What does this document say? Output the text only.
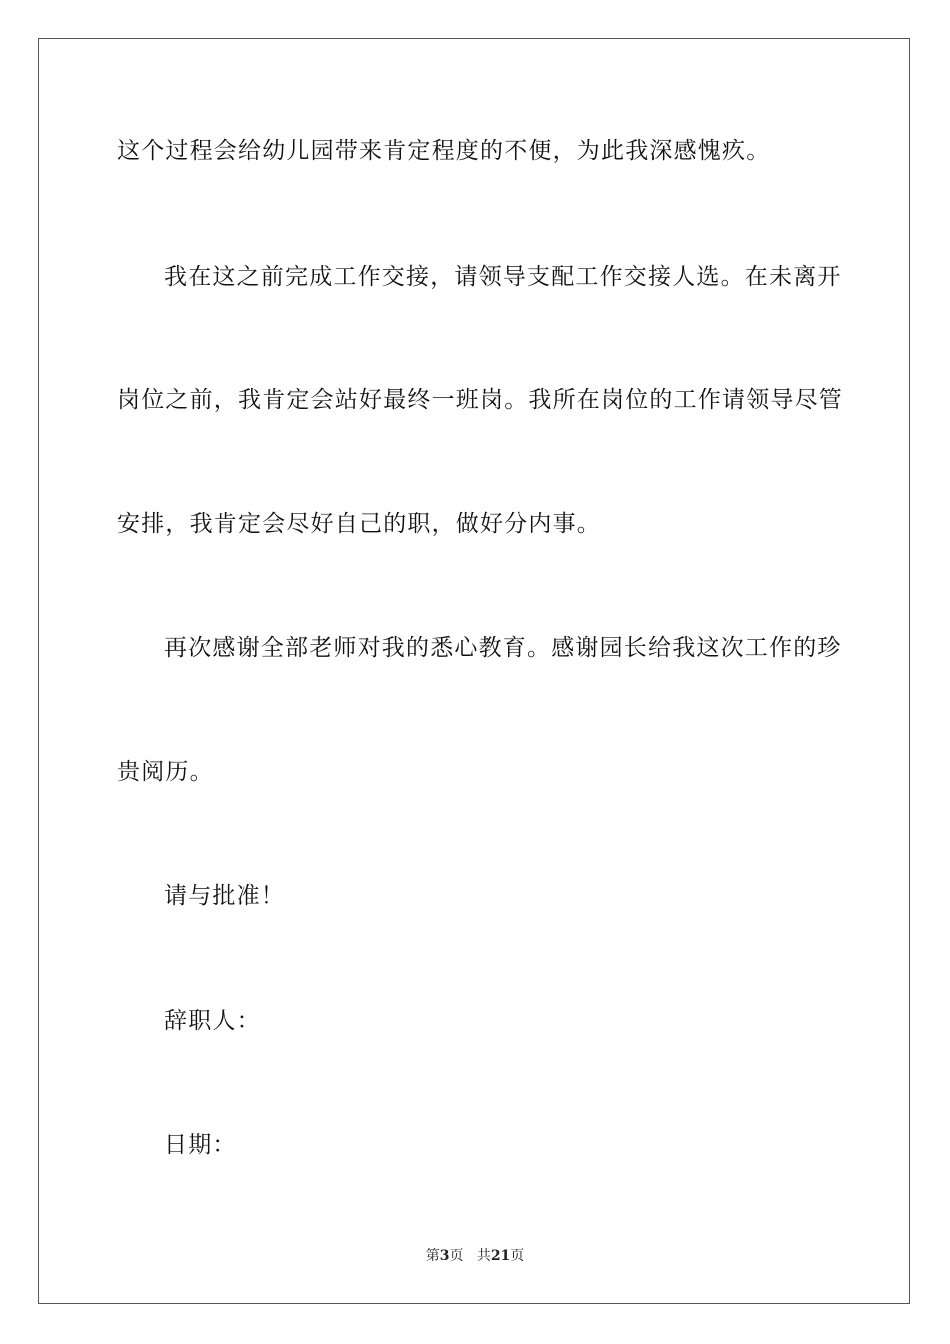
这个过程会给幼儿园带来肯定程度的不便，为此我深感愧疚。
我在这之前完成工作交接，请领导支配工作交接人选。在未离开
岗位之前，我肯定会站好最终一班岗。我所在岗位的工作请领导尽管
安排，我肯定会尽好自己的职，做好分内事。
再次感谢全部老师对我的悉心教育。感谢园长给我这次工作的珍
贵阅历。
请与批准！
辞职人：
日期：
第3页 共21页
